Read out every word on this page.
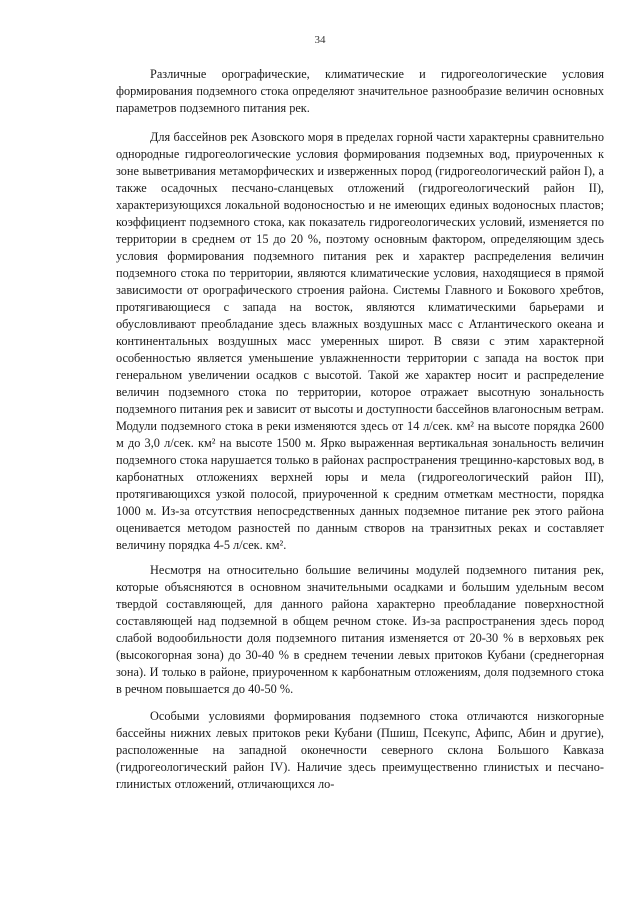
34

Различные орографические, климатические и гидрогеологические условия формирования подземного стока определяют значительное разнообразие величин основных параметров подземного питания рек.

Для бассейнов рек Азовского моря в пределах горной части характерны сравнительно однородные гидрогеологические условия формирования подземных вод, приуроченных к зоне выветривания метаморфических и изверженных пород (гидрогеологический район I), а также осадочных песчано-сланцевых отложений (гидрогеологический район II), характеризующихся локальной водоносностью и не имеющих единых водоносных пластов; коэффициент подземного стока, как показатель гидрогеологических условий, изменяется по территории в среднем от 15 до 20 %, поэтому основным фактором, определяющим здесь условия формирования подземного питания рек и характер распределения величин подземного стока по территории, являются климатические условия, находящиеся в прямой зависимости от орографического строения района. Системы Главного и Бокового хребтов, протягивающиеся с запада на восток, являются климатическими барьерами и обусловливают преобладание здесь влажных воздушных масс с Атлантического океана и континентальных воздушных масс умеренных широт. В связи с этим характерной особенностью является уменьшение увлажненности территории с запада на восток при генеральном увеличении осадков с высотой. Такой же характер носит и распределение величин подземного стока по территории, которое отражает высотную зональность подземного питания рек и зависит от высоты и доступности бассейнов влагоносным ветрам. Модули подземного стока в реки изменяются здесь от 14 л/сек. км² на высоте порядка 2600 м до 3,0 л/сек. км² на высоте 1500 м. Ярко выраженная вертикальная зональность величин подземного стока нарушается только в районах распространения трещинно-карстовых вод, в карбонатных отложениях верхней юры и мела (гидрогеологический район III), протягивающихся узкой полосой, приуроченной к средним отметкам местности, порядка 1000 м. Из-за отсутствия непосредственных данных подземное питание рек этого района оценивается методом разностей по данным створов на транзитных реках и составляет величину порядка 4-5 л/сек. км².

Несмотря на относительно большие величины модулей подземного питания рек, которые объясняются в основном значительными осадками и большим удельным весом твердой составляющей, для данного района характерно преобладание поверхностной составляющей над подземной в общем речном стоке. Из-за распространения здесь пород слабой водообильности доля подземного питания изменяется от 20-30 % в верховьях рек (высокогорная зона) до 30-40 % в среднем течении левых притоков Кубани (среднегорная зона). И только в районе, приуроченном к карбонатным отложениям, доля подземного стока в речном повышается до 40-50 %.

Особыми условиями формирования подземного стока отличаются низкогорные бассейны нижних левых притоков реки Кубани (Пшиш, Псекупс, Афипс, Абин и другие), расположенные на западной оконечности северного склона Большого Кавказа (гидрогеологический район IV). Наличие здесь преимущественно глинистых и песчано-глинистых отложений, отличающихся ло-
